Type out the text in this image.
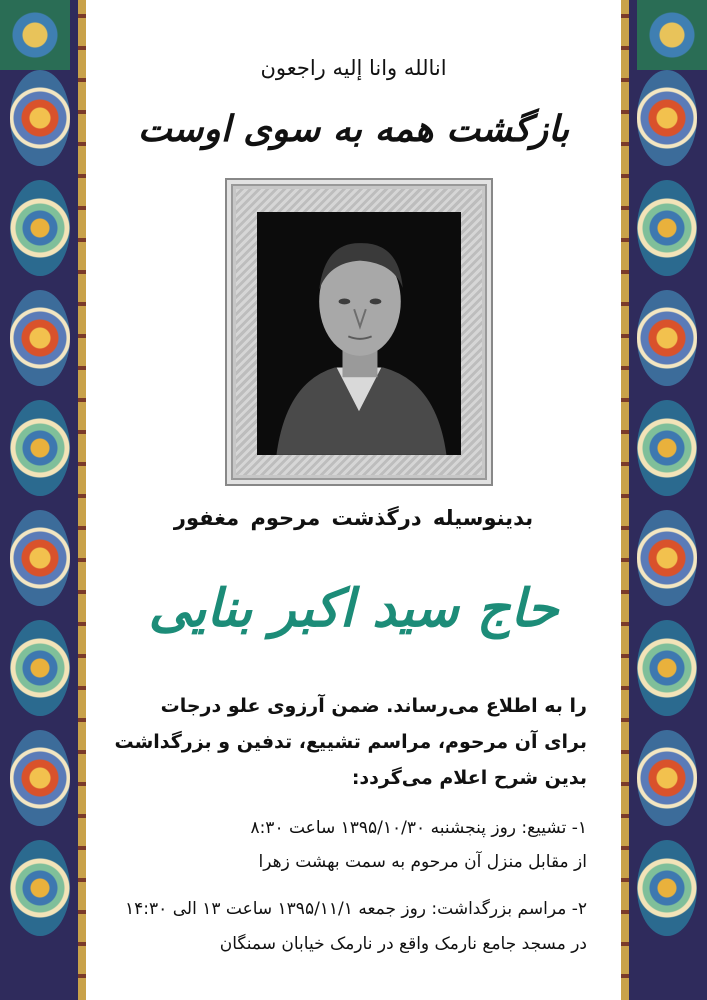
انالله وانا إليه راجعون
بازگشت همه به سوی اوست
بدینوسیله درگذشت مرحوم مغفور
حاج سید اکبر بنایی
را به اطلاع می‌رساند. ضمن آرزوی علو درجات
برای آن مرحوم، مراسم تشییع، تدفین و بزرگداشت
بدین شرح اعلام می‌گردد:
۱- تشییع: روز پنجشنبه ۱۳۹۵/۱۰/۳۰ ساعت ۸:۳۰
از مقابل منزل آن مرحوم به سمت بهشت زهرا
۲- مراسم بزرگداشت: روز جمعه ۱۳۹۵/۱۱/۱ ساعت ۱۳ الی ۱۴:۳۰
در مسجد جامع نارمک واقع در نارمک خیابان سمنگان
